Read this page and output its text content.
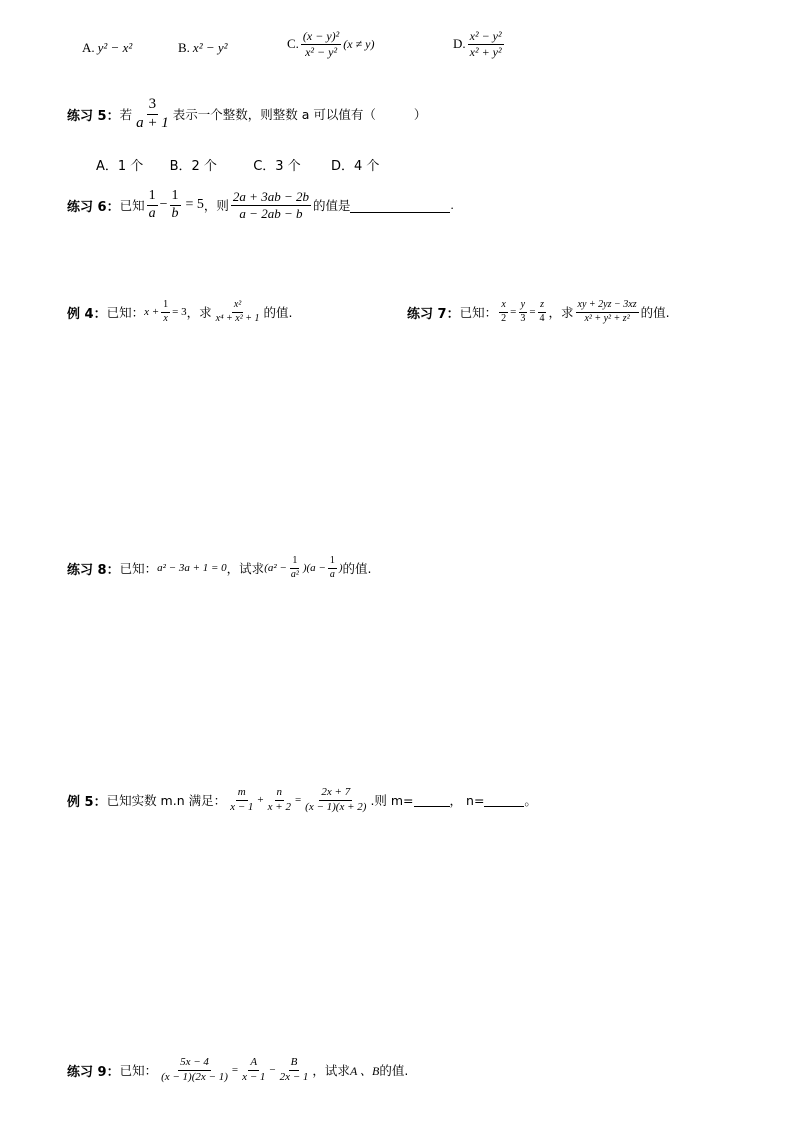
A. y² − x²	B. x² − y²	C. $\frac{\text{(x − y)²}}{\text{x² − y²}} (x \ne y)$	D. $\frac{\text{x² − y²}}{\text{x² + y²}}$
练习 5： 若 $\frac{3}{a + 1}$ 表示一个整数，则整数 a 可以值有（	）
A．1 个 B．2 个	C．3 个 D．4 个
练习 6： 已知 $\frac{1}{a} - \frac{1}{b} = 5$ ，则 $\frac{2a + 3ab - 2b}{a - 2ab - b}$ 的值是	.
例 4： 已知： $x + \frac{1}{x} = 3$ ，求 $\frac{\text{x²}}{\text{x⁴ + x² + 1}}$ 的值.	练习 7： 已知： $\frac{x}{2} = \frac{y}{3} = \frac{z}{4}$ ，求 $\frac{xy + 2yz - 3xz}{\text{x² + y² + z²}}$ 的值.
练习 8： 已知： a² − 3a + 1 = 0 ，试求 $(a^2 - \frac{1}{\text{a²}} )(a - \frac{1}{a}$ ) 的值.
例 5： 已知实数 m.n 满足： $\frac{m}{x - 1} + \frac{n}{x + 2} = \frac{2x + 7}{(x - 1)(x + 2)}$ .则 m=	， n=	。
练习 9： 已知： $\frac{5x - 4}{(x - 1)(2x - 1)} = \frac{A}{x - 1} - \frac{B}{2x - 1}$ ，试求 A 、B 的值.
